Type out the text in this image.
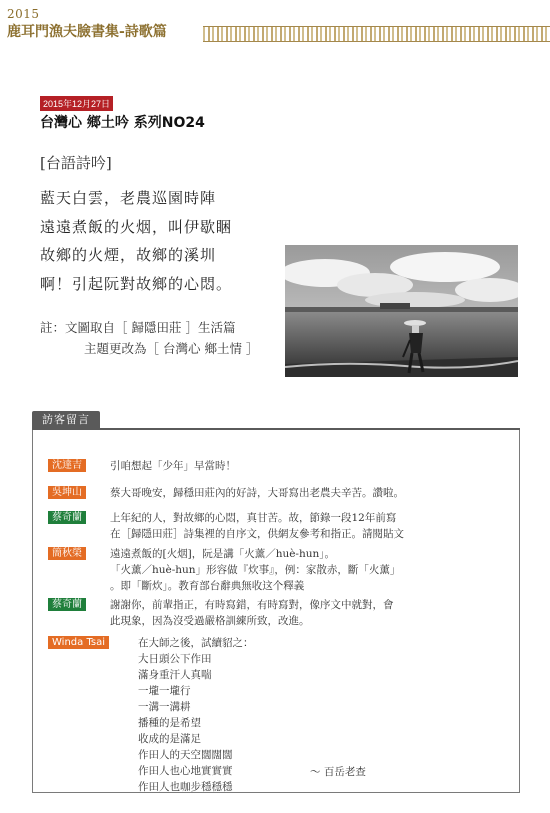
2015
鹿耳門漁夫臉書集-詩歌篇
2015年12月27日
台灣心 鄉土吟 系列NO24
[台語詩吟]
藍天白雲，老農巡園時陣
遠遠煮飯的火烟，叫伊歇睏
故鄉的火煙，故鄉的溪圳
啊！引起阮對故鄉的心悶。
註：文圖取自［ 歸隱田莊 ］生活篇
主題更改為［ 台灣心 鄉土情 ］
訪客留言
沈達吉	引咱想起「少年」早當時！
吳坤山	蔡大哥晚安，歸穩田莊內的好詩，大哥寫出老農夫辛苦。讚啦。
蔡奇蘭	上年紀的人，對故鄉的心悶，真甘苦。故，節錄一段12年前寫
在［歸隱田莊］詩集裡的自序文，供網友參考和指正。請閱貼文
簡秋榮	遠遠煮飯的[火烟]，阮是講「火薰／huè-hun」。
「火薰／huè-hun」形容做『炊事』，例：家散赤，斷「火薰」
。即「斷炊」。教育部台辭典無收这个釋義
蔡奇蘭	謝謝你，前輩指正，有時寫錯，有時寫對，像序文中就對，會
此現象，因為沒受過嚴格訓練所致，改進。
Winda Tsai	在大師之後，試續貂之：
大日頭公下作田
滿身重汗人真喘
一壠一壠行
一溝一溝耕
播種的是希望
收成的是滿足
作田人的天空闊闊闊
作田人也心地實實實
作田人也咖步穩穩穩
～ 百岳老查
